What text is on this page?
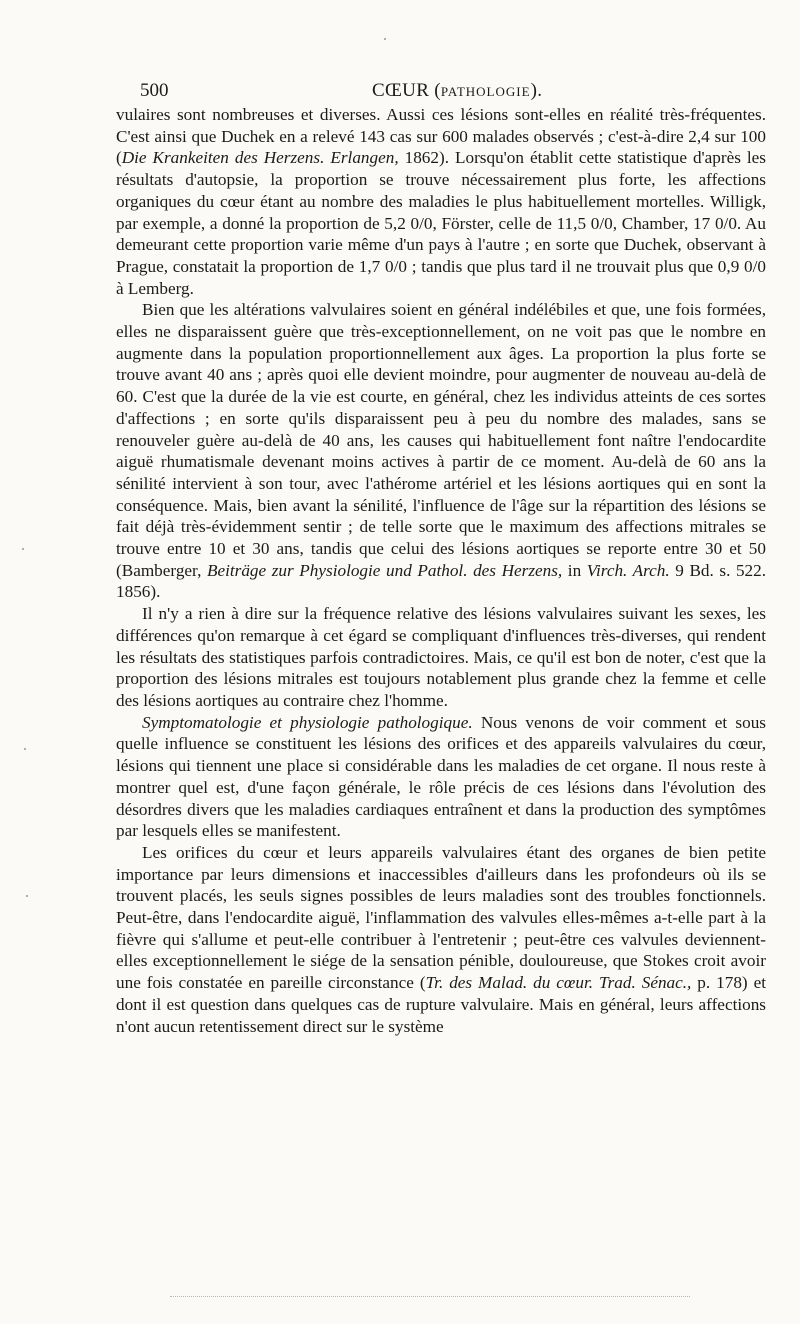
500	CŒUR (PATHOLOGIE).

vulaires sont nombreuses et diverses. Aussi ces lésions sont-elles en réalité très-fréquentes. C'est ainsi que Duchek en a relevé 143 cas sur 600 malades observés ; c'est-à-dire 2,4 sur 100 (Die Krankeiten des Herzens. Erlangen, 1862). Lorsqu'on établit cette statistique d'après les résultats d'autopsie, la proportion se trouve nécessairement plus forte, les affections organiques du cœur étant au nombre des maladies le plus habituellement mortelles. Willigk, par exemple, a donné la proportion de 5,2 0/0, Förster, celle de 11,5 0/0, Chamber, 17 0/0. Au demeurant cette proportion varie même d'un pays à l'autre ; en sorte que Duchek, observant à Prague, constatait la proportion de 1,7 0/0 ; tandis que plus tard il ne trouvait plus que 0,9 0/0 à Lemberg.

Bien que les altérations valvulaires soient en général indélébiles et que, une fois formées, elles ne disparaissent guère que très-exceptionnellement, on ne voit pas que le nombre en augmente dans la population proportionnellement aux âges. La proportion la plus forte se trouve avant 40 ans ; après quoi elle devient moindre, pour augmenter de nouveau au-delà de 60. C'est que la durée de la vie est courte, en général, chez les individus atteints de ces sortes d'affections ; en sorte qu'ils disparaissent peu à peu du nombre des malades, sans se renouveler guère au-delà de 40 ans, les causes qui habituellement font naître l'endocardite aiguë rhumatismale devenant moins actives à partir de ce moment. Au-delà de 60 ans la sénilité intervient à son tour, avec l'athérome artériel et les lésions aortiques qui en sont la conséquence. Mais, bien avant la sénilité, l'influence de l'âge sur la répartition des lésions se fait déjà très-évidemment sentir ; de telle sorte que le maximum des affections mitrales se trouve entre 10 et 30 ans, tandis que celui des lésions aortiques se reporte entre 30 et 50 (Bamberger, Beiträge zur Physiologie und Pathol. des Herzens, in Virch. Arch. 9 Bd. s. 522. 1856).

Il n'y a rien à dire sur la fréquence relative des lésions valvulaires suivant les sexes, les différences qu'on remarque à cet égard se compliquant d'influences très-diverses, qui rendent les résultats des statistiques parfois contradictoires. Mais, ce qu'il est bon de noter, c'est que la proportion des lésions mitrales est toujours notablement plus grande chez la femme et celle des lésions aortiques au contraire chez l'homme.

Symptomatologie et physiologie pathologique. Nous venons de voir comment et sous quelle influence se constituent les lésions des orifices et des appareils valvulaires du cœur, lésions qui tiennent une place si considérable dans les maladies de cet organe. Il nous reste à montrer quel est, d'une façon générale, le rôle précis de ces lésions dans l'évolution des désordres divers que les maladies cardiaques entraînent et dans la production des symptômes par lesquels elles se manifestent.

Les orifices du cœur et leurs appareils valvulaires étant des organes de bien petite importance par leurs dimensions et inaccessibles d'ailleurs dans les profondeurs où ils se trouvent placés, les seuls signes possibles de leurs maladies sont des troubles fonctionnels. Peut-être, dans l'endocardite aiguë, l'inflammation des valvules elles-mêmes a-t-elle part à la fièvre qui s'allume et peut-elle contribuer à l'entretenir ; peut-être ces valvules deviennent-elles exceptionnellement le siége de la sensation pénible, douloureuse, que Stokes croit avoir une fois constatée en pareille circonstance (Tr. des Malad. du cœur. Trad. Sénac., p. 178) et dont il est question dans quelques cas de rupture valvulaire. Mais en général, leurs affections n'ont aucun retentissement direct sur le système
